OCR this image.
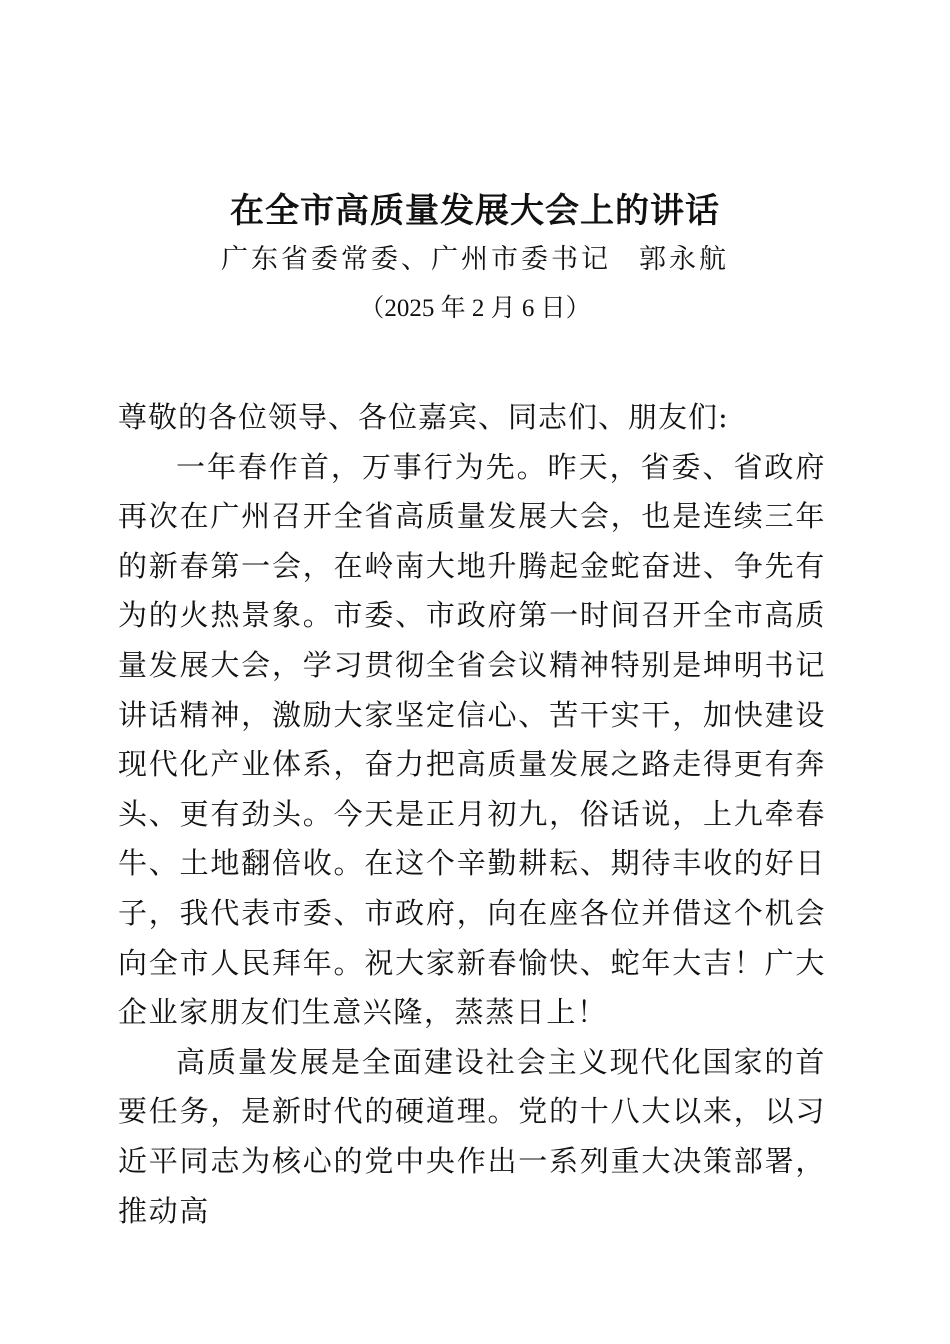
在全市高质量发展大会上的讲话

广东省委常委、广州市委书记 郭永航

（2025 年 2 月 6 日）

尊敬的各位领导、各位嘉宾、同志们、朋友们:

一年春作首，万事行为先。昨天，省委、省政府再次在广州召开全省高质量发展大会，也是连续三年的新春第一会，在岭南大地升腾起金蛇奋进、争先有为的火热景象。市委、市政府第一时间召开全市高质量发展大会，学习贯彻全省会议精神特别是坤明书记讲话精神，激励大家坚定信心、苦干实干，加快建设现代化产业体系，奋力把高质量发展之路走得更有奔头、更有劲头。今天是正月初九，俗话说，上九牵春牛、土地翻倍收。在这个辛勤耕耘、期待丰收的好日子，我代表市委、市政府，向在座各位并借这个机会向全市人民拜年。祝大家新春愉快、蛇年大吉！广大企业家朋友们生意兴隆，蒸蒸日上！

高质量发展是全面建设社会主义现代化国家的首要任务，是新时代的硬道理。党的十八大以来，以习近平同志为核心的党中央作出一系列重大决策部署，推动高
